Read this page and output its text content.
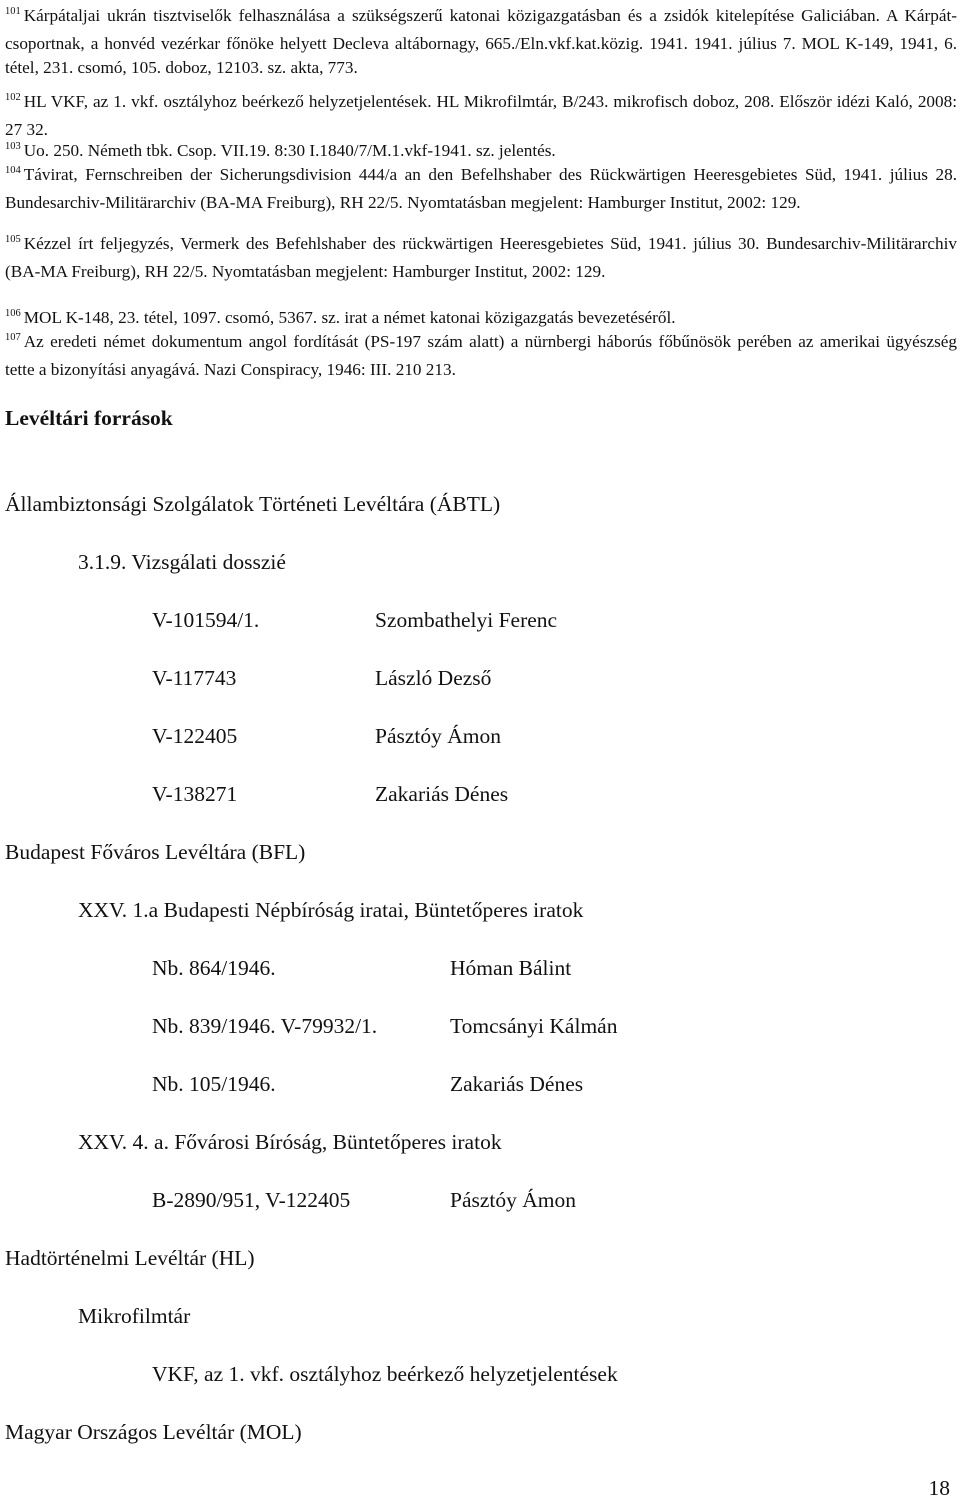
$^{101}$ Kárpátaljai ukrán tisztviselők felhasználása a szükségszerű katonai közigazgatásban és a zsidók kitelepítése Galiciában. A Kárpát-csoportnak, a honvéd vezérkar főnöke helyett Decleva altábornagy, 665./Eln.vkf.kat.közig. 1941. 1941. július 7. MOL K-149, 1941, 6. tétel, 231. csomó, 105. doboz, 12103. sz. akta, 773.
$^{102}$ HL VKF, az 1. vkf. osztályhoz beérkező helyzetjelentések. HL Mikrofilmtár, B/243. mikrofisch doboz, 208. Először idézi Kaló, 2008: 27 32.
$^{103}$ Uo. 250. Németh tbk. Csop. VII.19. 8:30 I.1840/7/M.1.vkf-1941. sz. jelentés.
$^{104}$ Távirat, Fernschreiben der Sicherungsdivision 444/a an den Befelhshaber des Rückwärtigen Heeresgebietes Süd, 1941. július 28. Bundesarchiv-Militärarchiv (BA-MA Freiburg), RH 22/5. Nyomtatásban megjelent: Hamburger Institut, 2002: 129.
$^{105}$ Kézzel írt feljegyzés, Vermerk des Befehlshaber des rückwärtigen Heeresgebietes Süd, 1941. július 30. Bundesarchiv-Militärarchiv (BA-MA Freiburg), RH 22/5. Nyomtatásban megjelent: Hamburger Institut, 2002: 129.
$^{106}$ MOL K-148, 23. tétel, 1097. csomó, 5367. sz. irat a német katonai közigazgatás bevezetéséről.
$^{107}$ Az eredeti német dokumentum angol fordítását (PS-197 szám alatt) a nürnbergi háborús főbűnösök perében az amerikai ügyészség tette a bizonyítási anyagává. Nazi Conspiracy, 1946: III. 210 213.
Levéltári források
Állambiztonsági Szolgálatok Történeti Levéltára (ÁBTL)
3.1.9. Vizsgálati dosszié
V-101594/1.	Szombathelyi Ferenc
V-117743	László Dezső
V-122405	Pásztóy Ámon
V-138271	Zakariás Dénes
Budapest Főváros Levéltára (BFL)
XXV. 1.a Budapesti Népbíróság iratai, Büntetőperes iratok
Nb. 864/1946.	Hóman Bálint
Nb. 839/1946. V-79932/1.	Tomcsányi Kálmán
Nb. 105/1946.	Zakariás Dénes
XXV. 4. a. Fővárosi Bíróság, Büntetőperes iratok
B-2890/951, V-122405	Pásztóy Ámon
Hadtörténelmi Levéltár (HL)
Mikrofilmtár
VKF, az 1. vkf. osztályhoz beérkező helyzetjelentések
Magyar Országos Levéltár (MOL)
18
